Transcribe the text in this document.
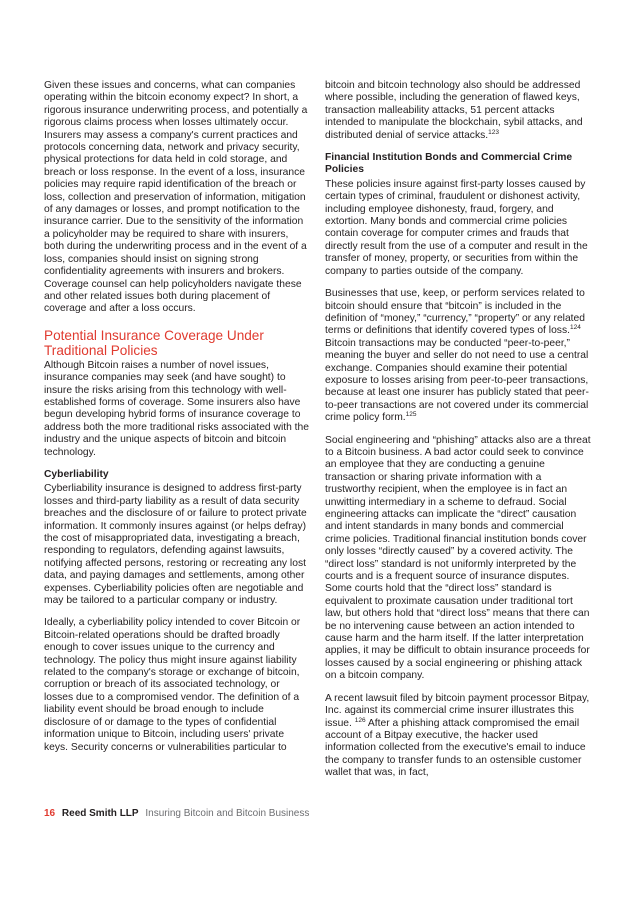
Given these issues and concerns, what can companies operating within the bitcoin economy expect? In short, a rigorous insurance underwriting process, and potentially a rigorous claims process when losses ultimately occur. Insurers may assess a company's current practices and protocols concerning data, network and privacy security, physical protections for data held in cold storage, and breach or loss response. In the event of a loss, insurance policies may require rapid identification of the breach or loss, collection and preservation of information, mitigation of any damages or losses, and prompt notification to the insurance carrier. Due to the sensitivity of the information a policyholder may be required to share with insurers, both during the underwriting process and in the event of a loss, companies should insist on signing strong confidentiality agreements with insurers and brokers. Coverage counsel can help policyholders navigate these and other related issues both during placement of coverage and after a loss occurs.

Potential Insurance Coverage Under Traditional Policies

Although Bitcoin raises a number of novel issues, insurance companies may seek (and have sought) to insure the risks arising from this technology with well-established forms of coverage. Some insurers also have begun developing hybrid forms of insurance coverage to address both the more traditional risks associated with the industry and the unique aspects of bitcoin and bitcoin technology.

Cyberliability

Cyberliability insurance is designed to address first-party losses and third-party liability as a result of data security breaches and the disclosure of or failure to protect private information. It commonly insures against (or helps defray) the cost of misappropriated data, investigating a breach, responding to regulators, defending against lawsuits, notifying affected persons, restoring or recreating any lost data, and paying damages and settlements, among other expenses. Cyberliability policies often are negotiable and may be tailored to a particular company or industry.

Ideally, a cyberliability policy intended to cover Bitcoin or Bitcoin-related operations should be drafted broadly enough to cover issues unique to the currency and technology. The policy thus might insure against liability related to the company's storage or exchange of bitcoin, corruption or breach of its associated technology, or losses due to a compromised vendor. The definition of a liability event should be broad enough to include disclosure of or damage to the types of confidential information unique to Bitcoin, including users' private keys. Security concerns or vulnerabilities particular to

bitcoin and bitcoin technology also should be addressed where possible, including the generation of flawed keys, transaction malleability attacks, 51 percent attacks intended to manipulate the blockchain, sybil attacks, and distributed denial of service attacks.$^{123}$

Financial Institution Bonds and Commercial Crime Policies

These policies insure against first-party losses caused by certain types of criminal, fraudulent or dishonest activity, including employee dishonesty, fraud, forgery, and extortion. Many bonds and commercial crime policies contain coverage for computer crimes and frauds that directly result from the use of a computer and result in the transfer of money, property, or securities from within the company to parties outside of the company.

Businesses that use, keep, or perform services related to bitcoin should ensure that “bitcoin” is included in the definition of “money,” “currency,” “property” or any related terms or definitions that identify covered types of loss.$^{124}$ Bitcoin transactions may be conducted “peer-to-peer,” meaning the buyer and seller do not need to use a central exchange. Companies should examine their potential exposure to losses arising from peer-to-peer transactions, because at least one insurer has publicly stated that peer-to-peer transactions are not covered under its commercial crime policy form.$^{125}$

Social engineering and “phishing” attacks also are a threat to a Bitcoin business. A bad actor could seek to convince an employee that they are conducting a genuine transaction or sharing private information with a trustworthy recipient, when the employee is in fact an unwitting intermediary in a scheme to defraud. Social engineering attacks can implicate the “direct” causation and intent standards in many bonds and commercial crime policies. Traditional financial institution bonds cover only losses “directly caused” by a covered activity. The “direct loss” standard is not uniformly interpreted by the courts and is a frequent source of insurance disputes. Some courts hold that the “direct loss” standard is equivalent to proximate causation under traditional tort law, but others hold that “direct loss” means that there can be no intervening cause between an action intended to cause harm and the harm itself. If the latter interpretation applies, it may be difficult to obtain insurance proceeds for losses caused by a social engineering or phishing attack on a bitcoin company.

A recent lawsuit filed by bitcoin payment processor Bitpay, Inc. against its commercial crime insurer illustrates this issue. $^{126}$ After a phishing attack compromised the email account of a Bitpay executive, the hacker used information collected from the executive's email to induce the company to transfer funds to an ostensible customer wallet that was, in fact,

16 Reed Smith LLP Insuring Bitcoin and Bitcoin Business
